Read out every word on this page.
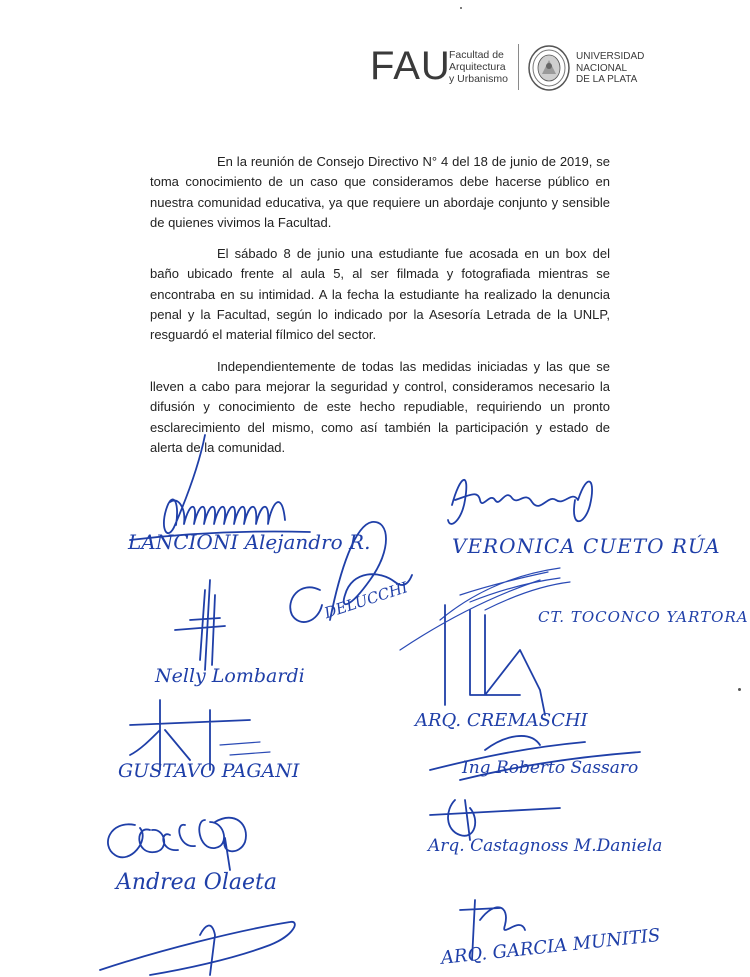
FAU
Facultad de
Arquitectura
y Urbanismo
UNIVERSIDAD
NACIONAL
DE LA PLATA

En la reunión de Consejo Directivo N° 4 del 18 de junio de 2019, se toma conocimiento de un caso que consideramos debe hacerse público en nuestra comunidad educativa, ya que requiere un abordaje conjunto y sensible de quienes vivimos la Facultad.

El sábado 8 de junio una estudiante fue acosada en un box del baño ubicado frente al aula 5, al ser filmada y fotografiada mientras se encontraba en su intimidad. A la fecha la estudiante ha realizado la denuncia penal y la Facultad, según lo indicado por la Asesoría Letrada de la UNLP, resguardó el material fílmico del sector.

Independientemente de todas las medidas iniciadas y las que se lleven a cabo para mejorar la seguridad y control, consideramos necesario la difusión y conocimiento de este hecho repudiable, requiriendo un pronto esclarecimiento del mismo, como así también la participación y estado de alerta de la comunidad.

LANCIONI Alejandro R.	VERONICA CUETO RÚA
DELUCCHI	CT. TOCONCO YARTORA
Nelly Lombardi
ARQ. CREMASCHI
Ing Roberto Sassaro
GUSTAVO PAGANI
Arq. Castagnoss M.Daniela
Andrea Olaeta
ARQ. GARCIA MUNITIS
